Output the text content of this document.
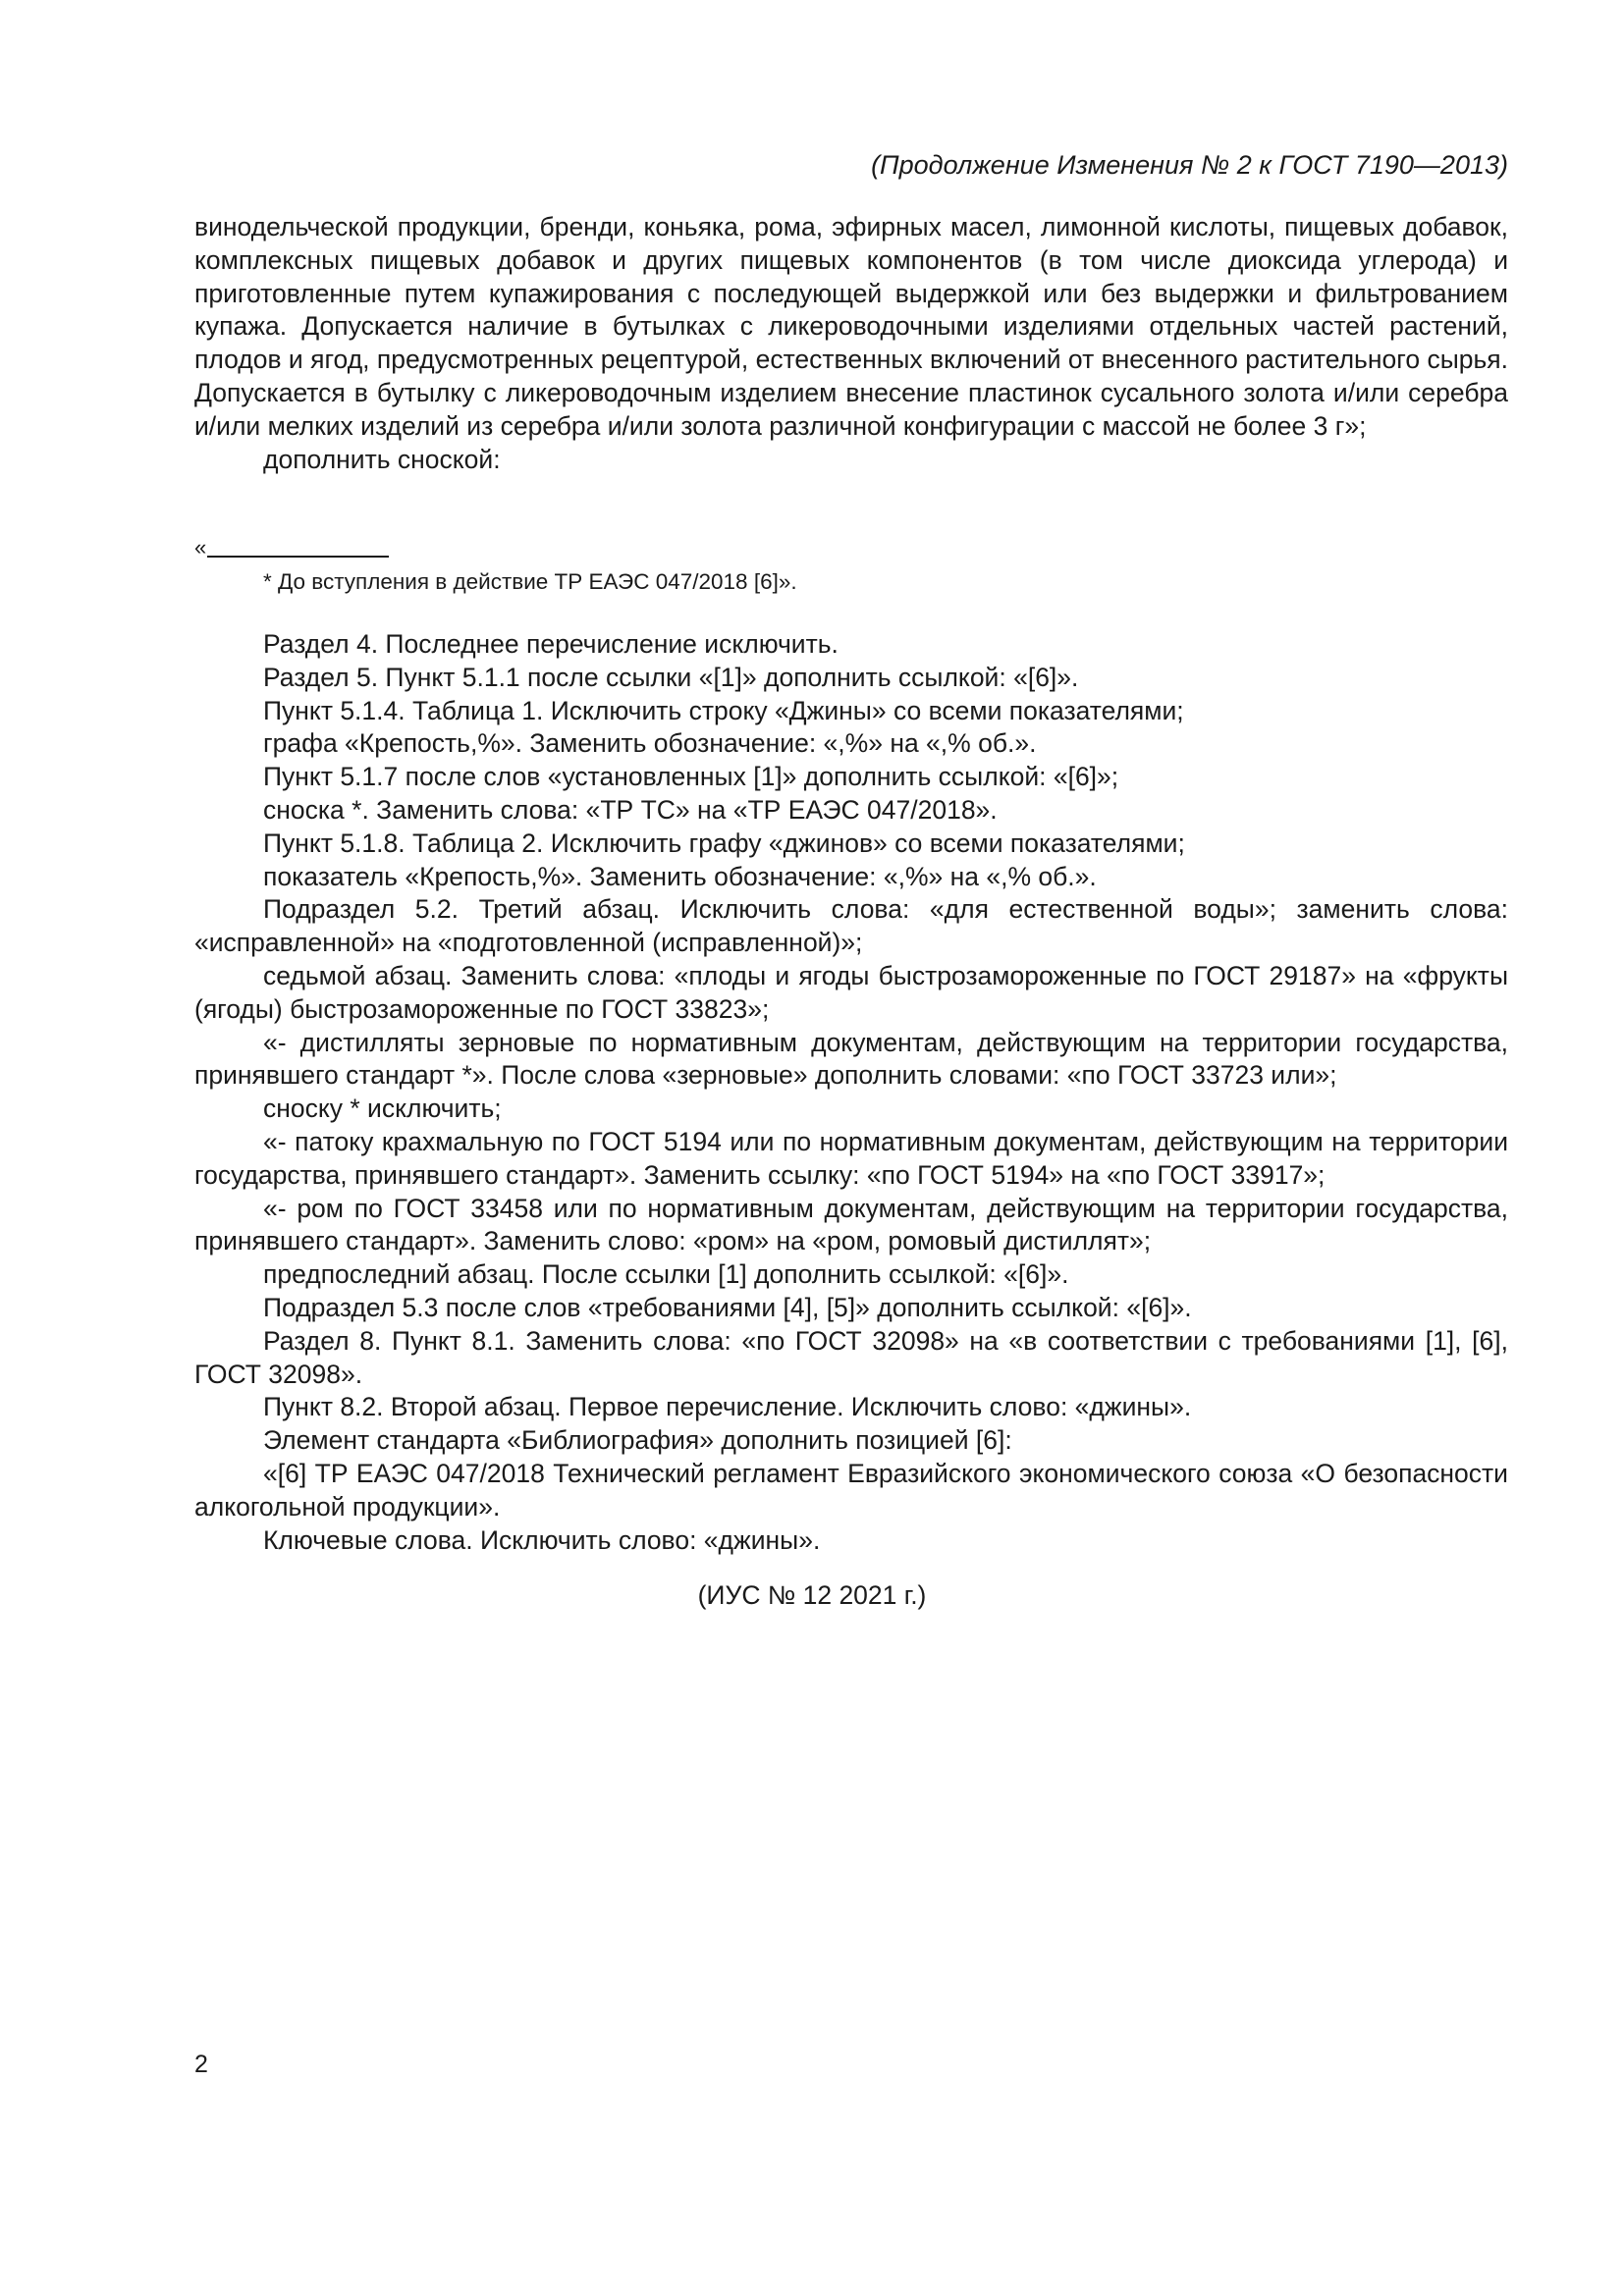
(Продолжение Изменения № 2 к ГОСТ 7190—2013)

винодельческой продукции, бренди, коньяка, рома, эфирных масел, лимонной кислоты, пищевых добавок, комплексных пищевых добавок и других пищевых компонентов (в том числе диоксида углерода) и приготовленные путем купажирования с последующей выдержкой или без выдержки и фильтрованием купажа. Допускается наличие в бутылках с ликероводочными изделиями отдельных частей растений, плодов и ягод, предусмотренных рецептурой, естественных включений от внесенного растительного сырья. Допускается в бутылку с ликероводочным изделием внесение пластинок сусального золота и/или серебра и/или мелких изделий из серебра и/или золота различной конфигурации с массой не более 3 г»;

дополнить сноской:

«
* До вступления в действие ТР ЕАЭС 047/2018 [6]».

Раздел 4. Последнее перечисление исключить.

Раздел 5. Пункт 5.1.1 после ссылки «[1]» дополнить ссылкой: «[6]».

Пункт 5.1.4. Таблица 1. Исключить строку «Джины» со всеми показателями;

графа «Крепость,%». Заменить обозначение: «,%» на «,% об.».

Пункт 5.1.7 после слов «установленных [1]» дополнить ссылкой: «[6]»;

сноска *. Заменить слова: «ТР ТС» на «ТР ЕАЭС 047/2018».

Пункт 5.1.8. Таблица 2. Исключить графу «джинов» со всеми показателями;

показатель «Крепость,%». Заменить обозначение: «,%» на «,% об.».

Подраздел 5.2. Третий абзац. Исключить слова: «для естественной воды»; заменить слова: «исправленной» на «подготовленной (исправленной)»;

седьмой абзац. Заменить слова: «плоды и ягоды быстрозамороженные по ГОСТ 29187» на «фрукты (ягоды) быстрозамороженные по ГОСТ 33823»;

«- дистилляты зерновые по нормативным документам, действующим на территории государства, принявшего стандарт *». После слова «зерновые» дополнить словами: «по ГОСТ 33723 или»;

сноску * исключить;

«- патоку крахмальную по ГОСТ 5194 или по нормативным документам, действующим на территории государства, принявшего стандарт». Заменить ссылку: «по ГОСТ 5194» на «по ГОСТ 33917»;

«- ром по ГОСТ 33458 или по нормативным документам, действующим на территории государства, принявшего стандарт». Заменить слово: «ром» на «ром, ромовый дистиллят»;

предпоследний абзац. После ссылки [1] дополнить ссылкой: «[6]».

Подраздел 5.3 после слов «требованиями [4], [5]» дополнить ссылкой: «[6]».

Раздел 8. Пункт 8.1. Заменить слова: «по ГОСТ 32098» на «в соответствии с требованиями [1], [6], ГОСТ 32098».

Пункт 8.2. Второй абзац. Первое перечисление. Исключить слово: «джины».

Элемент стандарта «Библиография» дополнить позицией [6]:

«[6] ТР ЕАЭС 047/2018 Технический регламент Евразийского экономического союза «О безопасности алкогольной продукции».

Ключевые слова. Исключить слово: «джины».

(ИУС № 12 2021 г.)
2
